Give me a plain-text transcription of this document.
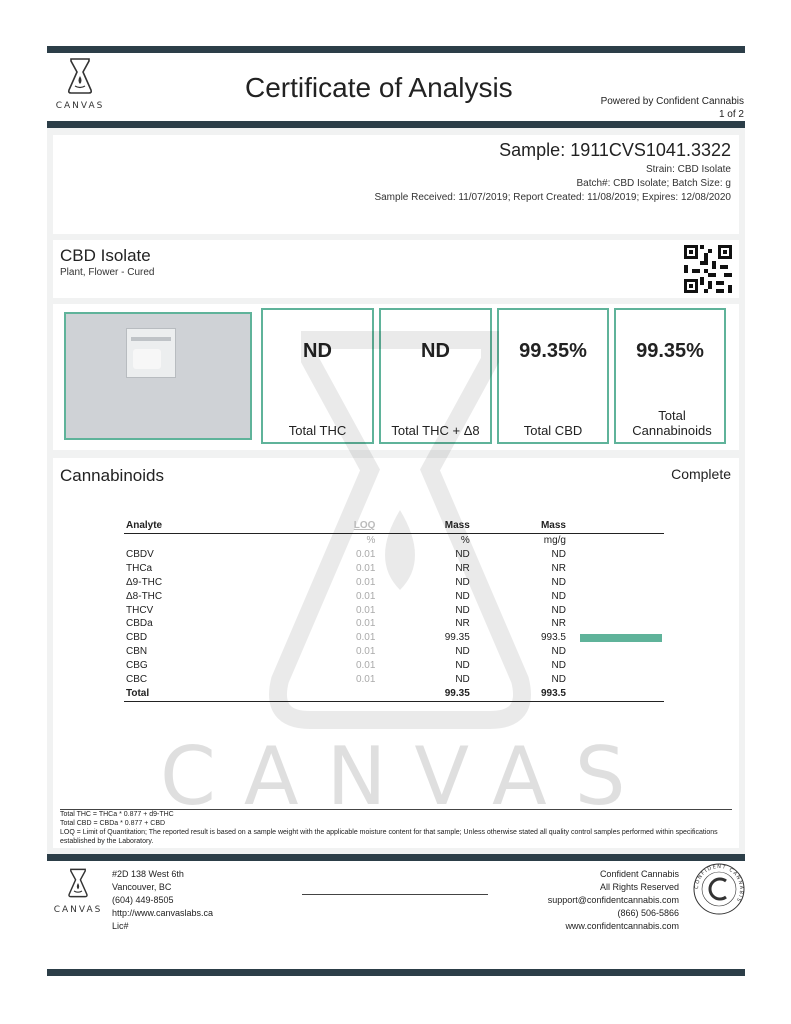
CANVAS
Certificate of Analysis	Powered by Confident Cannabis
1 of 2
Sample: 1911CVS1041.3322
Strain: CBD Isolate
Batch#: CBD Isolate; Batch Size: g
Sample Received: 11/07/2019; Report Created: 11/08/2019; Expires: 12/08/2020
CBD Isolate
Plant, Flower - Cured
ND
Total THC
ND
Total THC + Δ8
99.35%
Total CBD
99.35%
Total Cannabinoids
CANVAS
Cannabinoids	Complete
Analyte	LOQ	Mass	Mass	
	%	%	mg/g	
CBDV	0.01	ND	ND	
THCa	0.01	NR	NR	
Δ9-THC	0.01	ND	ND	
Δ8-THC	0.01	ND	ND	
THCV	0.01	ND	ND	
CBDa	0.01	NR	NR	
CBD	0.01	99.35	993.5	

CBN	0.01	ND	ND	
CBG	0.01	ND	ND	
CBC	0.01	ND	ND	
Total		99.35	993.5	
Total THC = THCa * 0.877 + d9-THC
Total CBD = CBDa * 0.877 + CBD
LOQ = Limit of Quantitation; The reported result is based on a sample weight with the applicable moisture content for that sample; Unless otherwise stated all quality control samples performed within specifications established by the Laboratory.
CANVAS
#2D 138 West 6th
Vancouver, BC
(604) 449-8505
http://www.canvaslabs.ca
Lic#
Confident Cannabis
All Rights Reserved
support@confidentcannabis.com
(866) 506-5866
www.confidentcannabis.com
CONFIDENT CANNABIS
